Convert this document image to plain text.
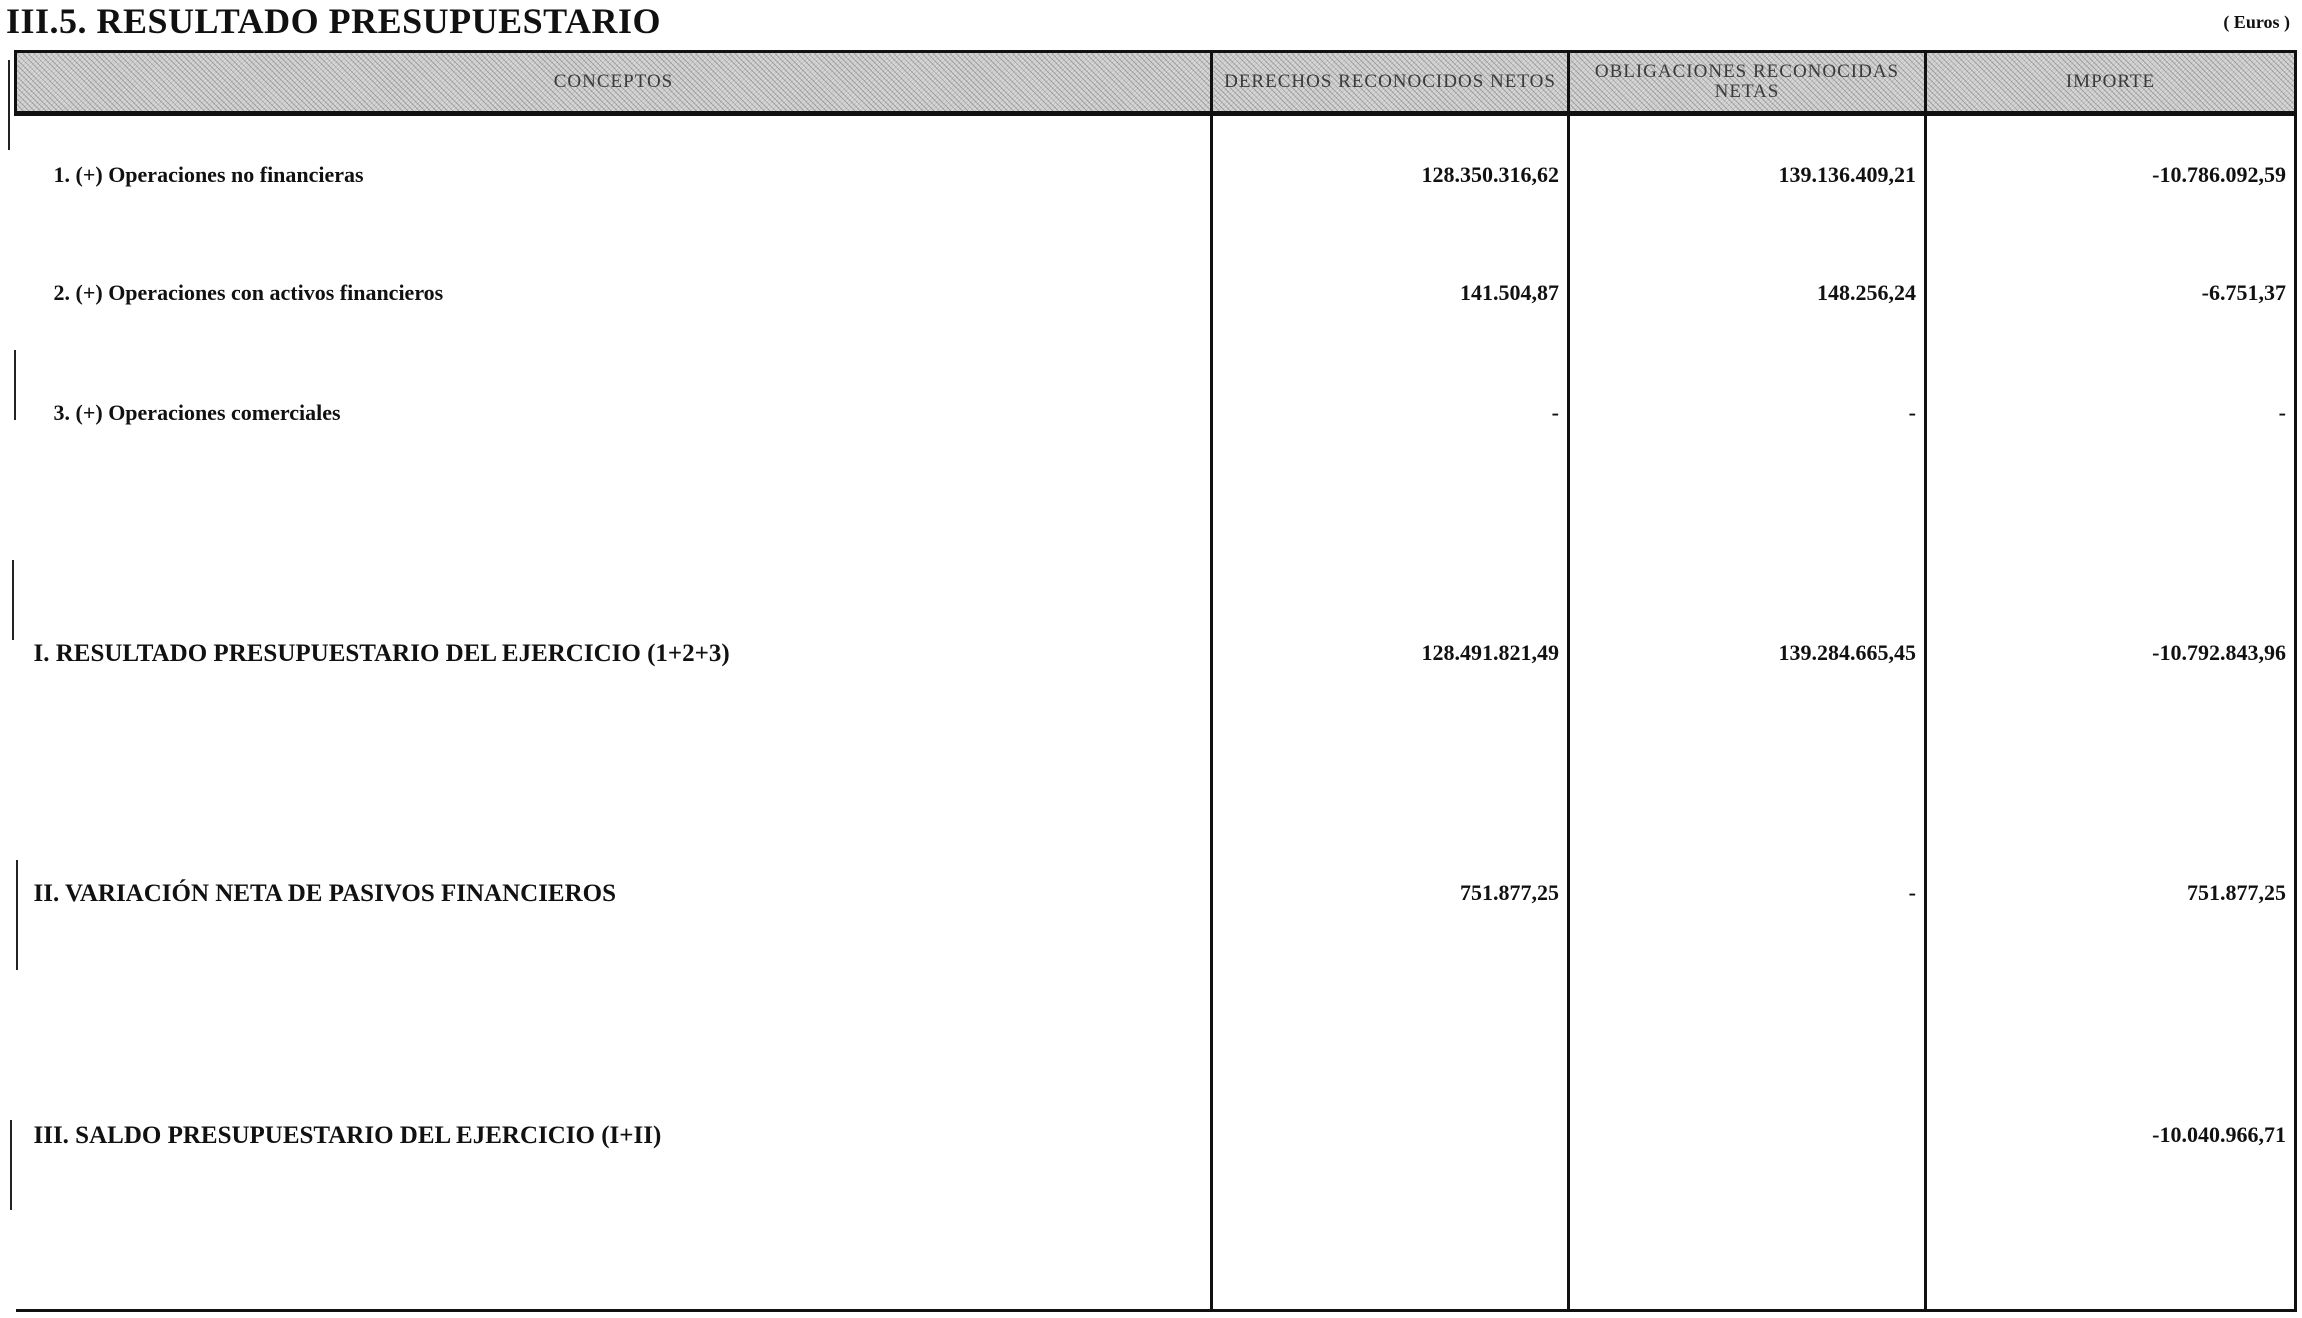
III.5. RESULTADO PRESUPUESTARIO	( Euros )
CONCEPTOS	DERECHOS RECONOCIDOS NETOS	OBLIGACIONES RECONOCIDAS NETAS	IMPORTE

1. (+) Operaciones no financieras	128.350.316,62	139.136.409,21	-10.786.092,59

2. (+) Operaciones con activos financieros	141.504,87	148.256,24	-6.751,37

3. (+) Operaciones comerciales	-	-	-

I. RESULTADO PRESUPUESTARIO DEL EJERCICIO (1+2+3)	128.491.821,49	139.284.665,45	-10.792.843,96

II. VARIACIÓN NETA DE PASIVOS FINANCIEROS	751.877,25	-	751.877,25

III. SALDO PRESUPUESTARIO DEL EJERCICIO (I+II)			-10.040.966,71
